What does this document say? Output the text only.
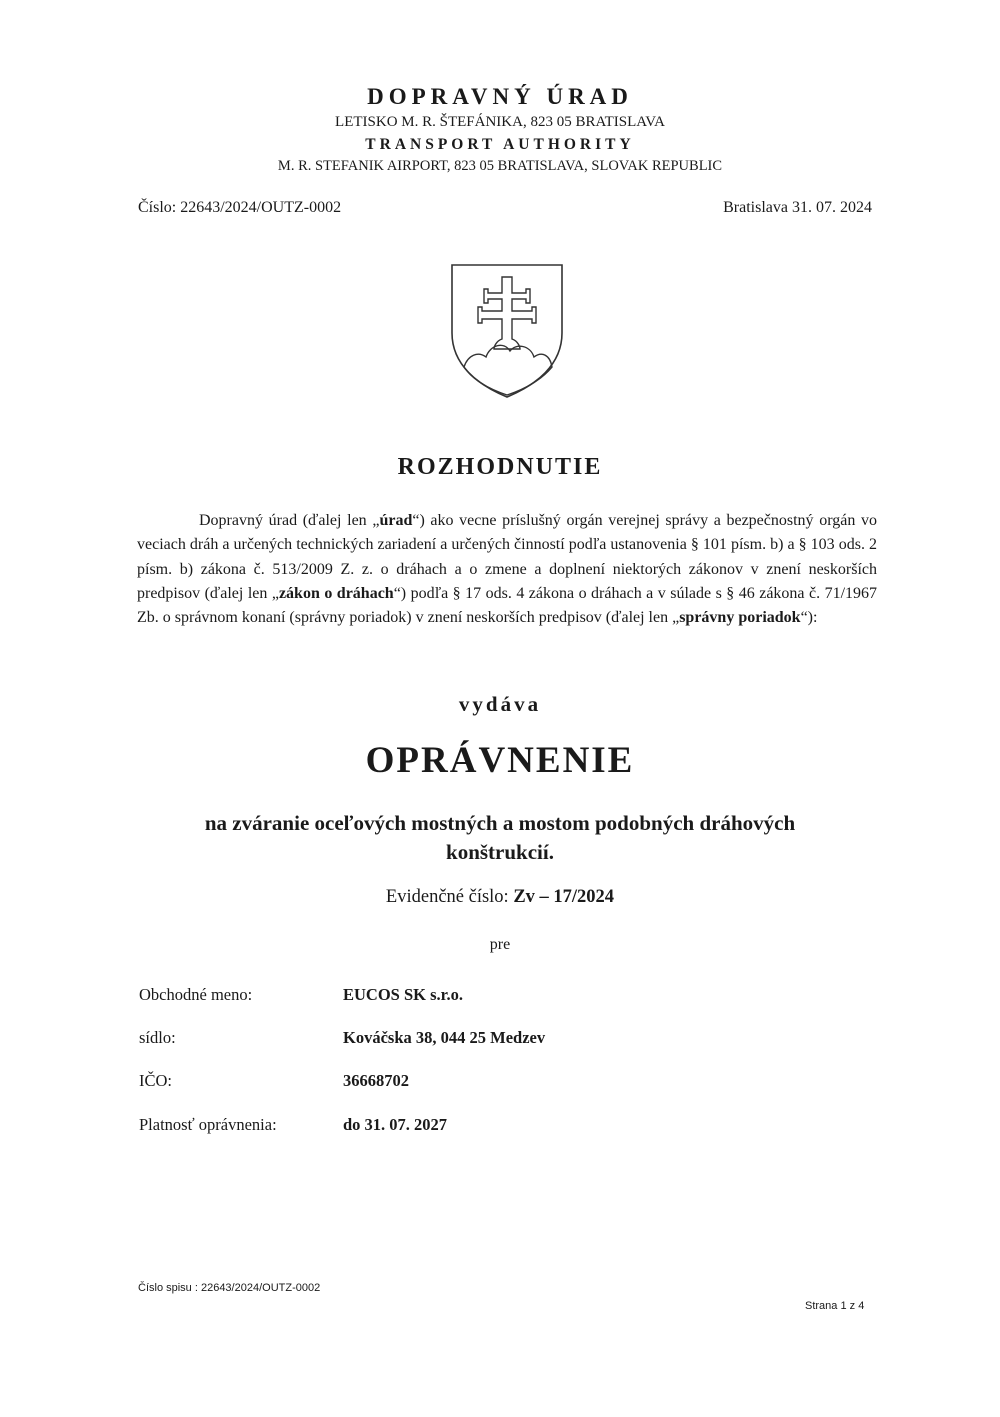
DOPRAVNÝ ÚRAD
LETISKO M. R. ŠTEFÁNIKA, 823 05 BRATISLAVA
TRANSPORT AUTHORITY
M. R. STEFANIK AIRPORT, 823 05 BRATISLAVA, SLOVAK REPUBLIC
Číslo: 22643/2024/OUTZ-0002	Bratislava 31. 07. 2024
ROZHODNUTIE
Dopravný úrad (ďalej len „úrad“) ako vecne príslušný orgán verejnej správy a bezpečnostný orgán vo veciach dráh a určených technických zariadení a určených činností podľa ustanovenia § 101 písm. b) a § 103 ods. 2 písm. b) zákona č. 513/2009 Z. z. o dráhach a o zmene a doplnení niektorých zákonov v znení neskorších predpisov (ďalej len „zákon o dráhach“) podľa § 17 ods. 4 zákona o dráhach a v súlade s § 46 zákona č. 71/1967 Zb. o správnom konaní (správny poriadok) v znení neskorších predpisov (ďalej len „správny poriadok“):
vydáva
OPRÁVNENIE
na zváranie oceľových mostných a mostom podobných dráhových
konštrukcií.
Evidenčné číslo: Zv – 17/2024
pre
Obchodné meno:	EUCOS SK s.r.o.
sídlo:	Kováčska 38, 044 25 Medzev
IČO:	36668702
Platnosť oprávnenia:	do 31. 07. 2027
Číslo spisu : 22643/2024/OUTZ-0002
Strana 1 z 4
